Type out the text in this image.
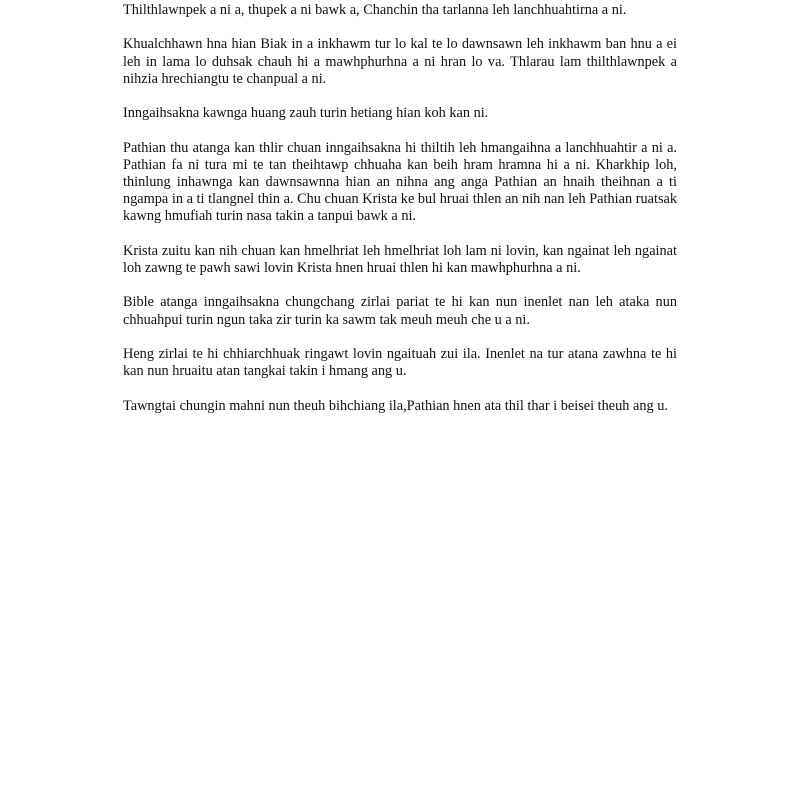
Thilthlawnpek a ni a, thupek a ni bawk a, Chanchin tha tarlanna leh lanchhuahtirna a ni.

Khualchhawn hna hian Biak in a inkhawm tur lo kal te lo dawnsawn leh inkhawm ban hnu a ei leh in lama lo duhsak chauh hi a mawhphurhna a ni hran lo va. Thlarau lam thilthlawnpek a nihzia hrechiangtu te chanpual a ni.

Inngaihsakna kawnga huang zauh turin hetiang hian koh kan ni.

Pathian thu atanga kan thlir chuan inngaihsakna hi thiltih leh hmangaihna a lanchhuahtir a ni a. Pathian fa ni tura mi te tan theihtawp chhuaha kan beih hram hramna hi a ni. Kharkhip loh, thinlung inhawnga kan dawnsawnna hian an nihna ang anga Pathian an hnaih theihnan a ti ngampa in a ti tlangnel thin a. Chu chuan Krista ke bul hruai thlen an nih nan leh Pathian ruatsak kawng hmufiah turin nasa takin a tanpui bawk a ni.

Krista zuitu kan nih chuan kan hmelhriat leh hmelhriat loh lam ni lovin, kan ngainat leh ngainat loh zawng te pawh sawi lovin Krista hnen hruai thlen hi kan mawhphurhna a ni.

Bible atanga inngaihsakna chungchang zirlai pariat te hi kan nun inenlet nan leh ataka nun chhuahpui turin ngun taka zir turin ka sawm tak meuh meuh che u a ni.

Heng zirlai te hi chhiarchhuak ringawt lovin ngaituah zui ila. Inenlet na tur atana zawhna te hi kan nun hruaitu atan tangkai takin i hmang ang u.

Tawngtai chungin mahni nun theuh bihchiang ila,Pathian hnen ata thil thar i beisei theuh ang u.
